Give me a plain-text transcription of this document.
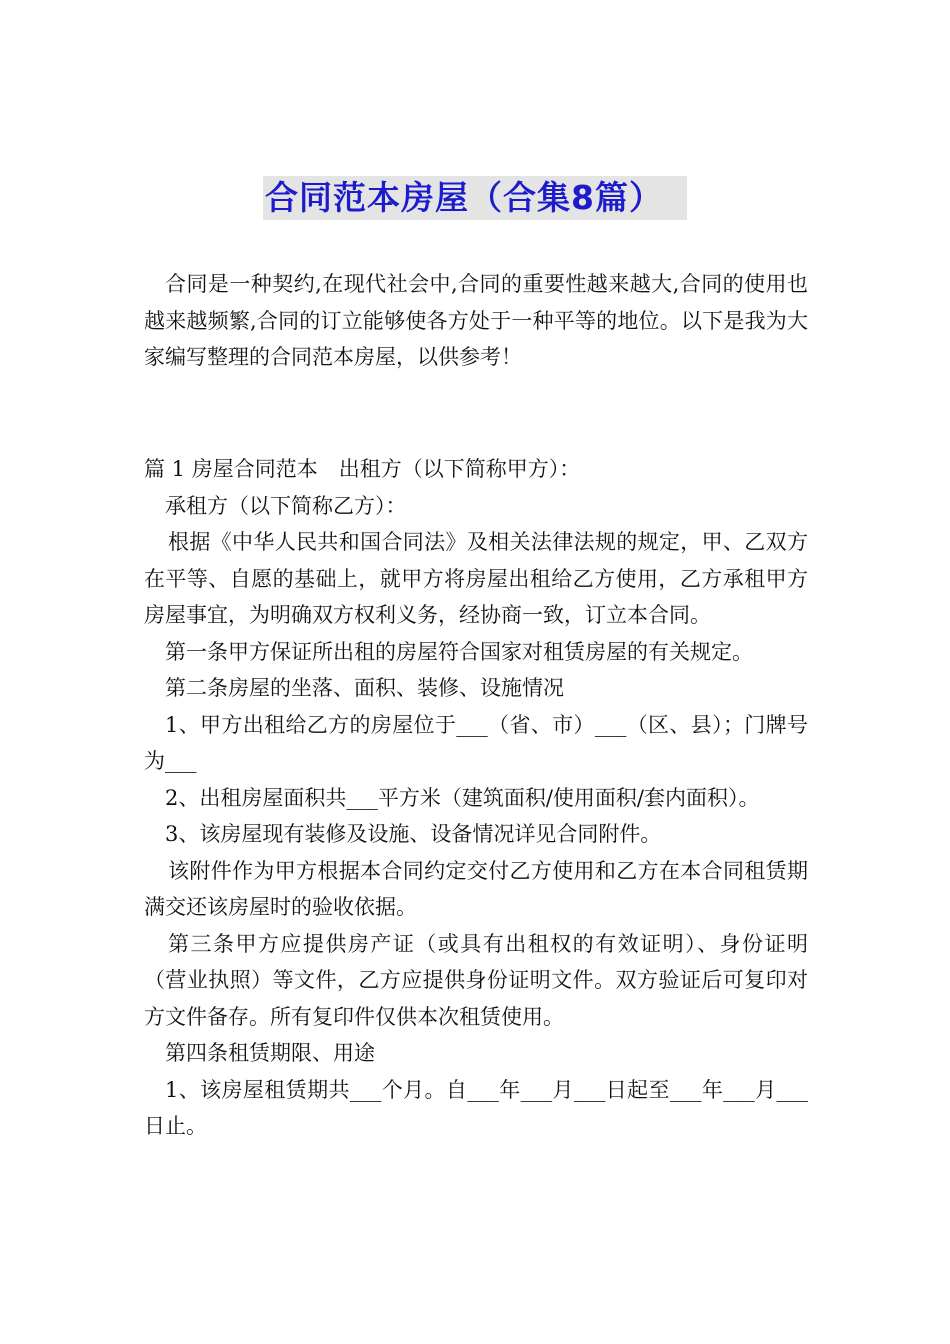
合同范本房屋（合集8篇）

合同是一种契约,在现代社会中,合同的重要性越来越大,合同的使用也越来越频繁,合同的订立能够使各方处于一种平等的地位。以下是我为大家编写整理的合同范本房屋，以供参考！

篇 1 房屋合同范本　出租方（以下简称甲方）：

承租方（以下简称乙方）：

根据《中华人民共和国合同法》及相关法律法规的规定，甲、乙双方在平等、自愿的基础上，就甲方将房屋出租给乙方使用，乙方承租甲方房屋事宜，为明确双方权利义务，经协商一致，订立本合同。

第一条甲方保证所出租的房屋符合国家对租赁房屋的有关规定。

第二条房屋的坐落、面积、装修、设施情况

1、甲方出租给乙方的房屋位于___（省、市）___（区、县）；门牌号为___

2、出租房屋面积共___平方米（建筑面积/使用面积/套内面积）。

3、该房屋现有装修及设施、设备情况详见合同附件。

该附件作为甲方根据本合同约定交付乙方使用和乙方在本合同租赁期满交还该房屋时的验收依据。

第三条甲方应提供房产证（或具有出租权的有效证明）、身份证明（营业执照）等文件，乙方应提供身份证明文件。双方验证后可复印对方文件备存。所有复印件仅供本次租赁使用。

第四条租赁期限、用途

1、该房屋租赁期共___个月。自___年___月___日起至___年___月___日止。
